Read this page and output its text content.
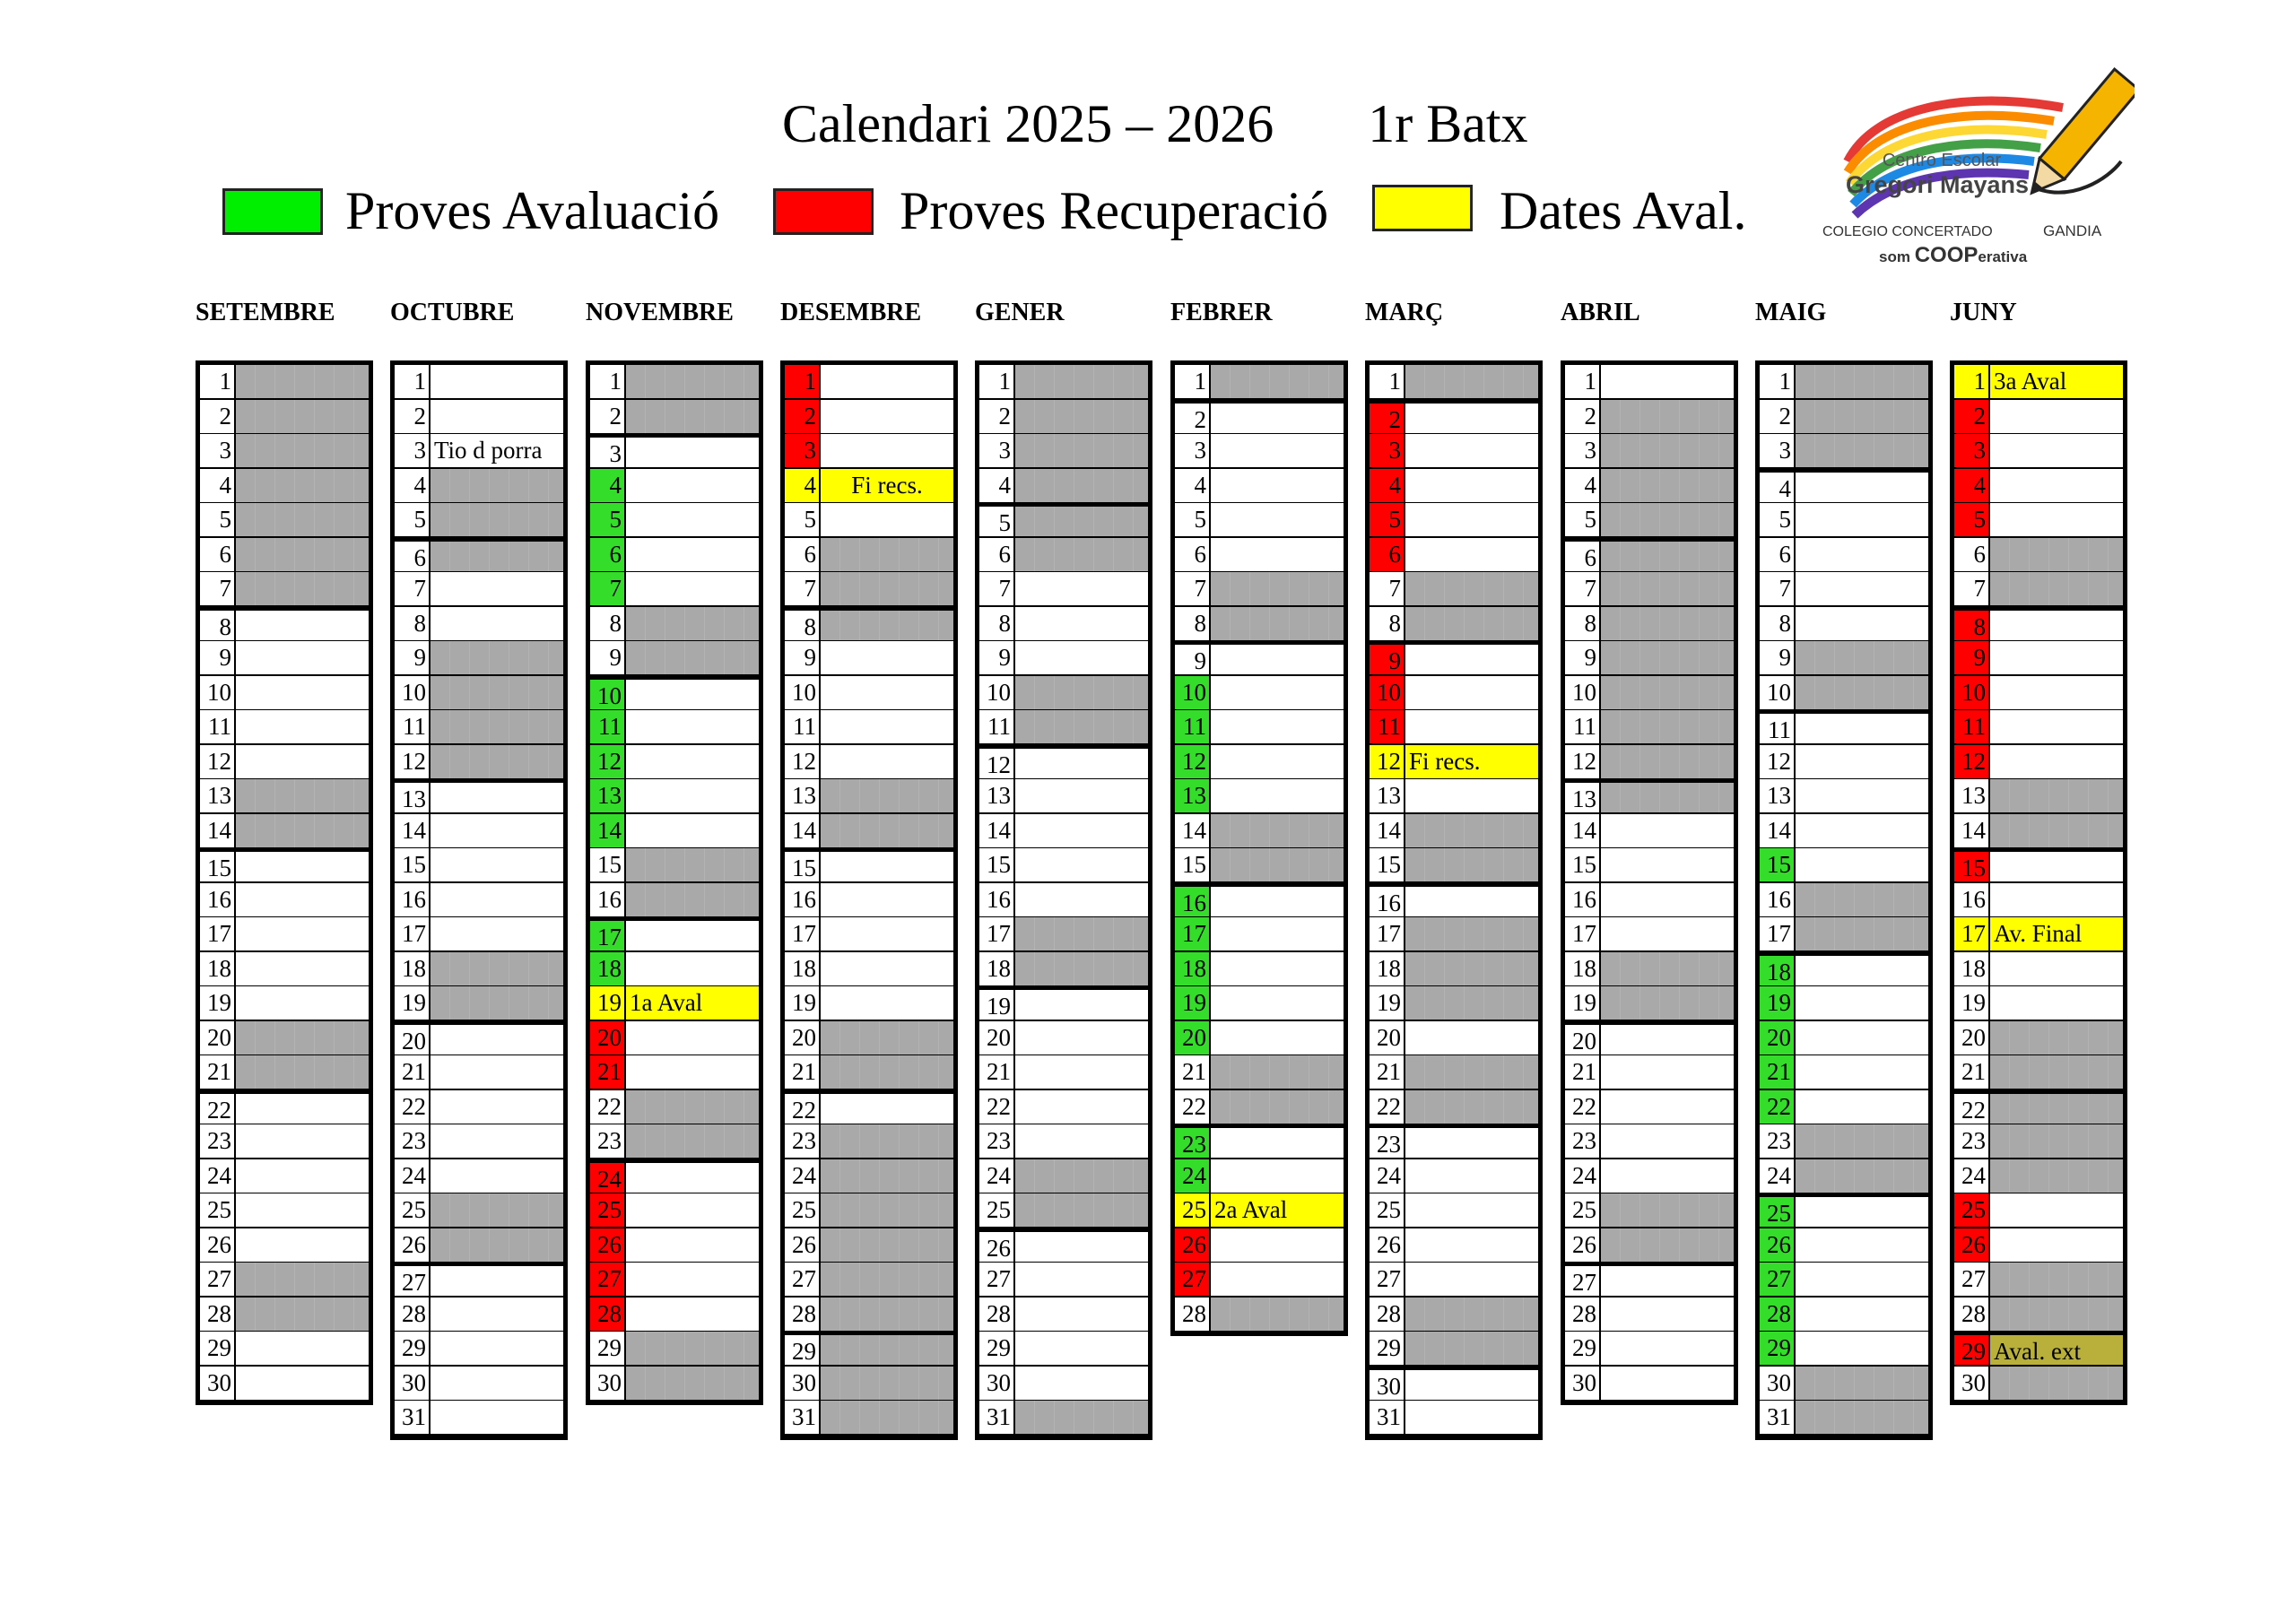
Calendari 2025 – 2026       1r Batx
Proves Avaluació	Proves Recuperació	Dates Aval.
Centro Escolar
Gregori Mayans
COLEGIO CONCERTADO	GANDIA
som COOPerativa
SETEMBRE
1
2
3
4
5
6
7
8
9
10
11
12
13
14
15
16
17
18
19
20
21
22
23
24
25
26
27
28
29
30
OCTUBRE
1
2
3 Tio d porra
4
5
6
7
8
9
10
11
12
13
14
15
16
17
18
19
20
21
22
23
24
25
26
27
28
29
30
31
NOVEMBRE
1
2
3
4
5
6
7
8
9
10
11
12
13
14
15
16
17
18
19 1a Aval
20
21
22
23
24
25
26
27
28
29
30
DESEMBRE
1
2
3
4	Fi recs.
5
6
7
8
9
10
11
12
13
14
15
16
17
18
19
20
21
22
23
24
25
26
27
28
29
30
31
GENER
1
2
3
4
5
6
7
8
9
10
11
12
13
14
15
16
17
18
19
20
21
22
23
24
25
26
27
28
29
30
31
FEBRER
1
2
3
4
5
6
7
8
9
10
11
12
13
14
15
16
17
18
19
20
21
22
23
24
25 2a Aval
26
27
28
MARÇ
1
2
3
4
5
6
7
8
9
10
11
12 Fi recs.
13
14
15
16
17
18
19
20
21
22
23
24
25
26
27
28
29
30
31
ABRIL
1
2
3
4
5
6
7
8
9
10
11
12
13
14
15
16
17
18
19
20
21
22
23
24
25
26
27
28
29
30
MAIG
1
2
3
4
5
6
7
8
9
10
11
12
13
14
15
16
17
18
19
20
21
22
23
24
25
26
27
28
29
30
31
JUNY
1 3a Aval
2
3
4
5
6
7
8
9
10
11
12
13
14
15
16
17 Av. Final
18
19
20
21
22
23
24
25
26
27
28
29 Aval. ext
30
